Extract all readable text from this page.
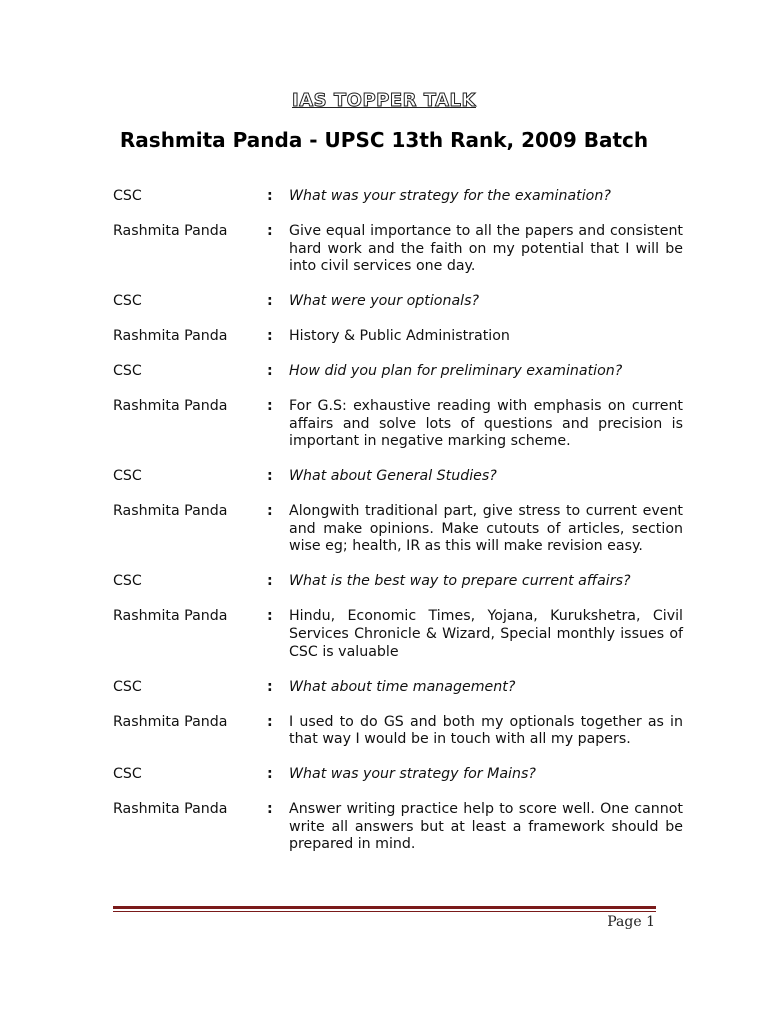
IAS TOPPER TALK
Rashmita Panda - UPSC 13th Rank, 2009 Batch
CSC	:	What was your strategy for the examination?
Rashmita Panda	:	Give equal importance to all the papers and consistent hard work and the faith on my potential that I will be into civil services one day.
CSC	:	What were your optionals?
Rashmita Panda	:	History & Public Administration
CSC	:	How did you plan for preliminary examination?
Rashmita Panda	:	For G.S: exhaustive reading with emphasis on current affairs and solve lots of questions and precision is important in negative marking scheme.
CSC	:	What about General Studies?
Rashmita Panda	:	Alongwith traditional part, give stress to current event and make opinions. Make cutouts of articles, section wise eg; health, IR as this will make revision easy.
CSC	:	What is the best way to prepare current affairs?
Rashmita Panda	:	Hindu, Economic Times, Yojana, Kurukshetra, Civil Services Chronicle & Wizard, Special monthly issues of CSC is valuable
CSC	:	What about time management?
Rashmita Panda	:	I used to do GS and both my optionals together as in that way I would be in touch with all my papers.
CSC	:	What was your strategy for Mains?
Rashmita Panda	:	Answer writing practice help to score well. One cannot write all answers but at least a framework should be prepared in mind.
Page 1
